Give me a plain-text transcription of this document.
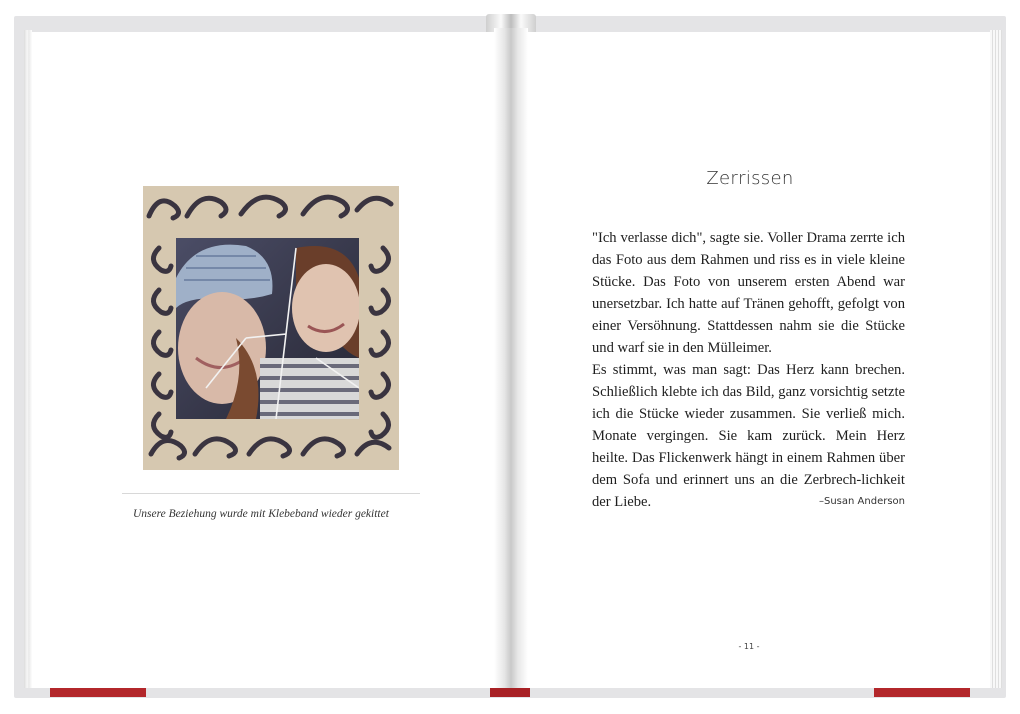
Unsere Beziehung wurde mit Klebeband wieder gekittet
Zerrissen

"Ich verlasse dich", sagte sie. Voller Drama zerrte ich das Foto aus dem Rahmen und riss es in viele kleine Stücke. Das Foto von unserem ersten Abend war unersetzbar. Ich hatte auf Tränen gehofft, gefolgt von einer Versöhnung. Stattdessen nahm sie die Stücke und warf sie in den Mülleimer.

Es stimmt, was man sagt: Das Herz kann brechen. Schließlich klebte ich das Bild, ganz vorsichtig setzte ich die Stücke wieder zusammen. Sie verließ mich. Monate vergingen. Sie kam zurück. Mein Herz heilte. Das Flickenwerk hängt in einem Rahmen über dem Sofa und erinnert uns an die Zerbrech-lichkeit der Liebe.	–Susan Anderson
- 11 -
